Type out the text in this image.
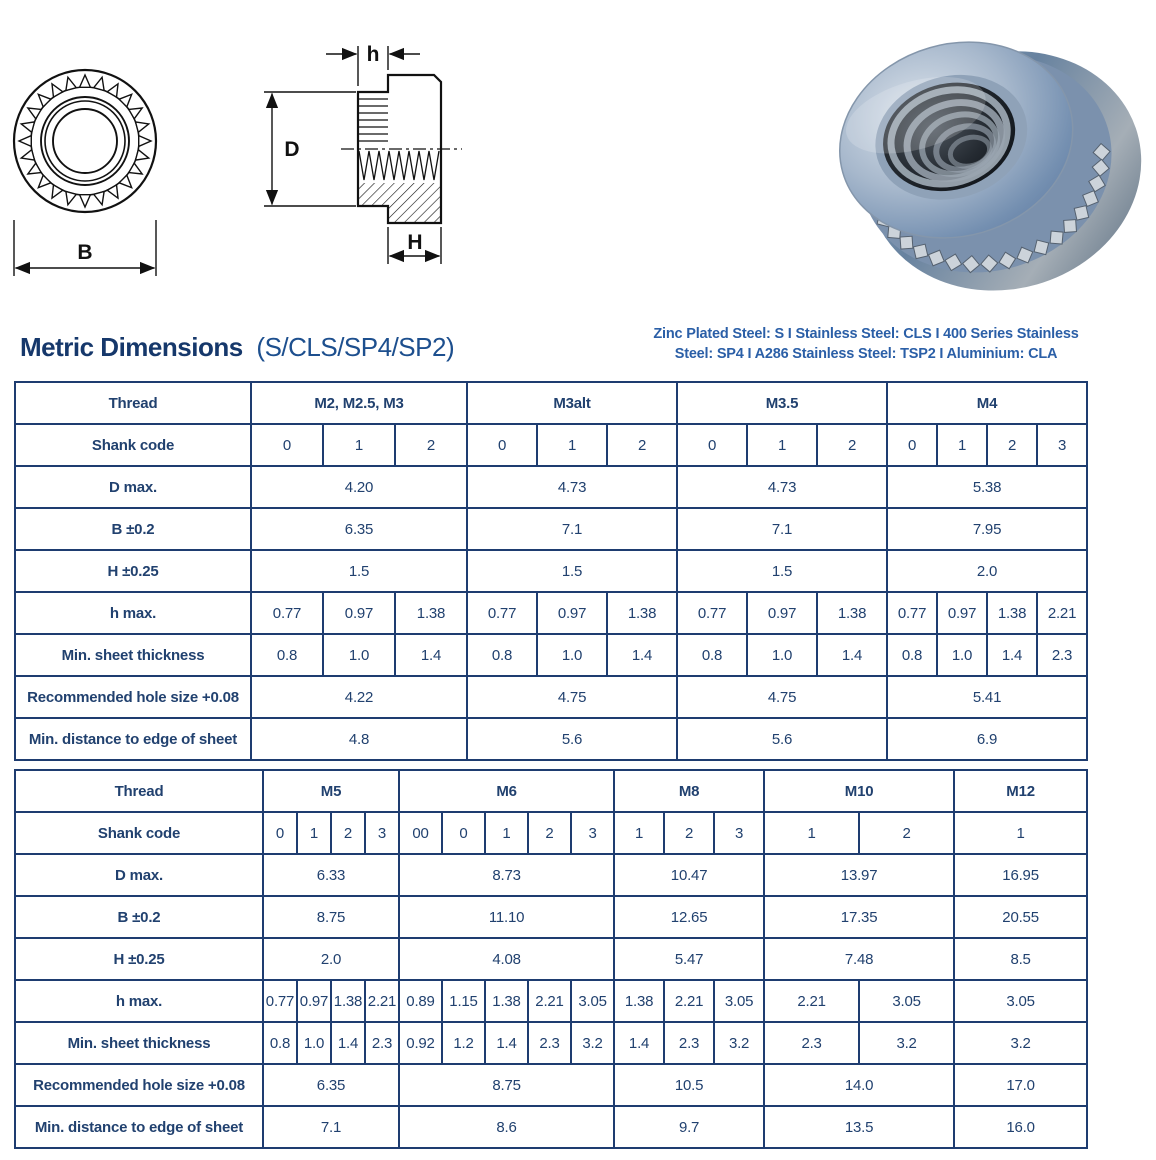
B
h
D
H
Metric Dimensions (S/CLS/SP4/SP2)	Zinc Plated Steel: S I Stainless Steel: CLS I 400 Series Stainless
Steel: SP4 I A286 Stainless Steel: TSP2 I Aluminium: CLA
Thread	M2, M2.5, M3			M3alt			M3.5			M4			
Shank code	0	1	2	0	1	2	0	1	2	0	1	2	3
D max.	4.20			4.73			4.73			5.38			
B ±0.2	6.35			7.1			7.1			7.95			
H ±0.25	1.5			1.5			1.5			2.0			
h max.	0.77	0.97	1.38	0.77	0.97	1.38	0.77	0.97	1.38	0.77	0.97	1.38	2.21
Min. sheet thickness	0.8	1.0	1.4	0.8	1.0	1.4	0.8	1.0	1.4	0.8	1.0	1.4	2.3
Recommended hole size +0.08	4.22			4.75			4.75			5.41			
Min. distance to edge of sheet	4.8			5.6			5.6			6.9			
Thread	M5				M6					M8			M10		M12
Shank code	0	1	2	3	00	0	1	2	3	1	2	3	1	2	1
D max.	6.33				8.73					10.47			13.97		16.95
B ±0.2	8.75				11.10					12.65			17.35		20.55
H ±0.25	2.0				4.08					5.47			7.48		8.5
h max.	0.77	0.97	1.38	2.21	0.89	1.15	1.38	2.21	3.05	1.38	2.21	3.05	2.21	3.05	3.05
Min. sheet thickness	0.8	1.0	1.4	2.3	0.92	1.2	1.4	2.3	3.2	1.4	2.3	3.2	2.3	3.2	3.2
Recommended hole size +0.08	6.35				8.75					10.5			14.0		17.0
Min. distance to edge of sheet	7.1				8.6					9.7			13.5		16.0
